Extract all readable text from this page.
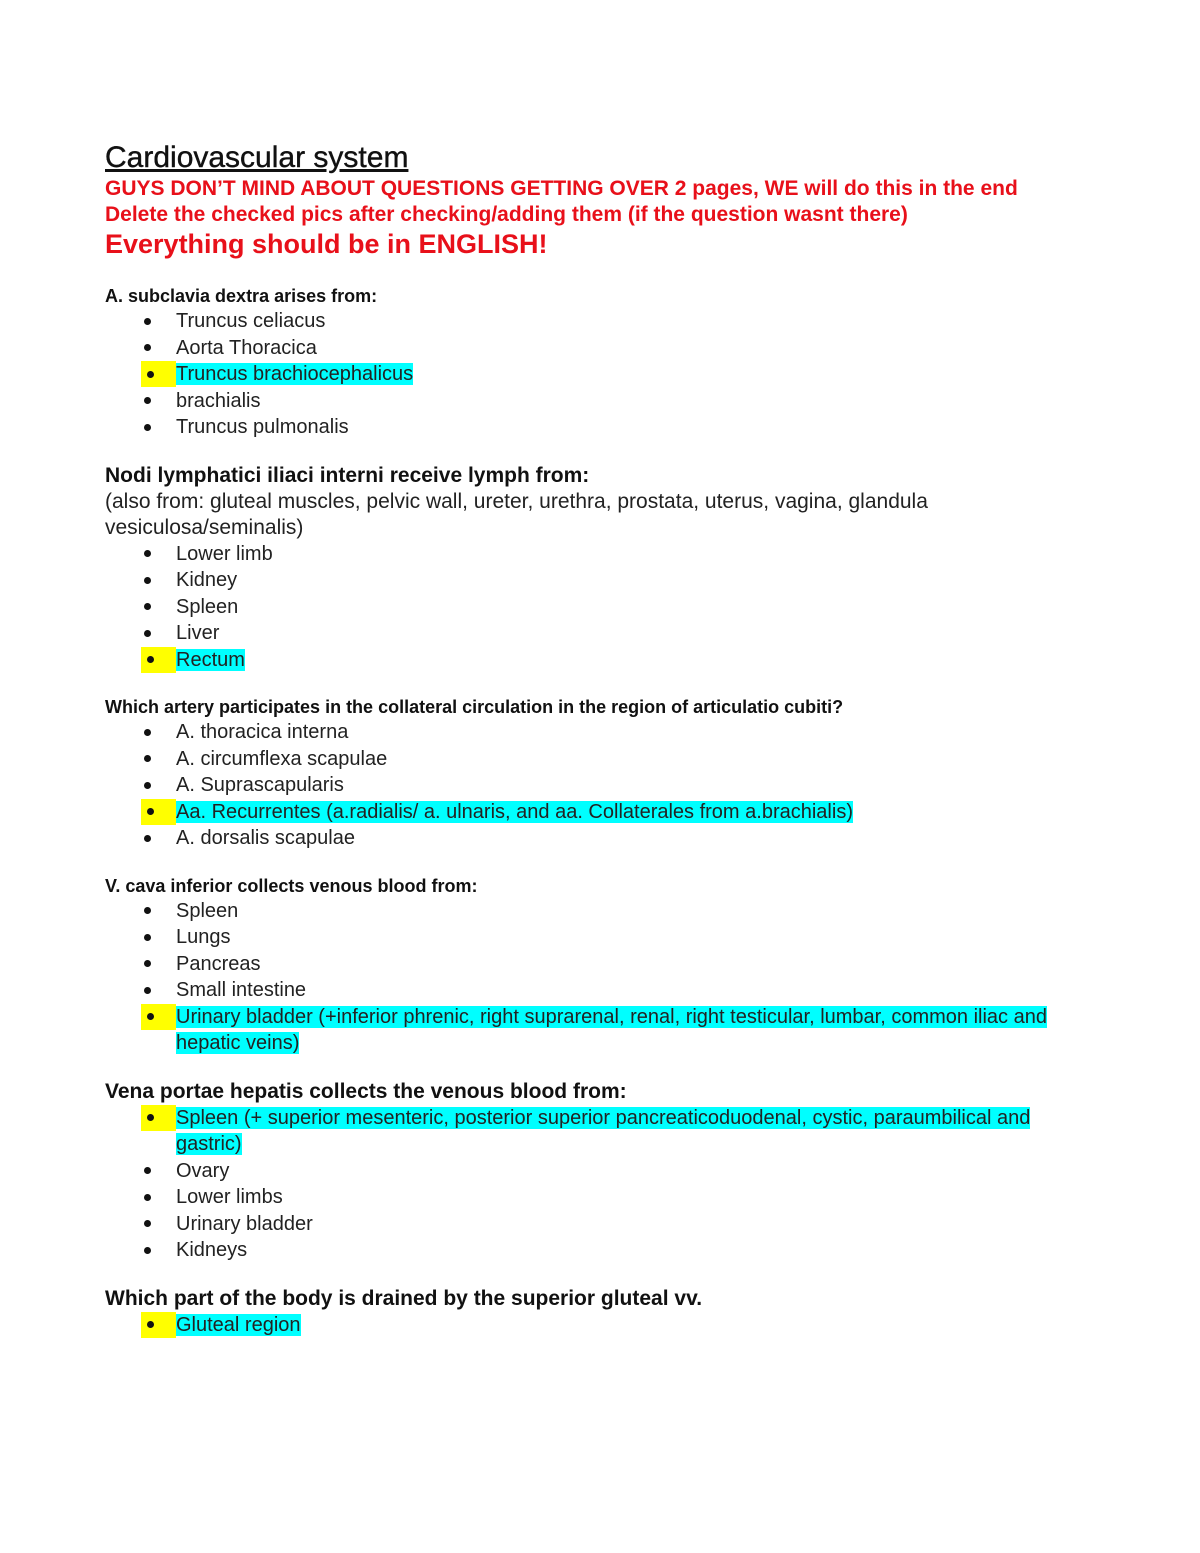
Cardiovascular system

GUYS DON’T MIND ABOUT QUESTIONS GETTING OVER 2 pages, WE will do this in the end

Delete the checked pics after checking/adding them (if the question wasnt there)

Everything should be in ENGLISH!

A. subclavia dextra arises from:

Truncus celiacus
Aorta Thoracica
Truncus brachiocephalicus
brachialis
Truncus pulmonalis

Nodi lymphatici iliaci interni receive lymph from:

(also from: gluteal muscles, pelvic wall, ureter, urethra, prostata, uterus, vagina, glandula vesiculosa/seminalis)

Lower limb
Kidney
Spleen
Liver
Rectum

Which artery participates in the collateral circulation in the region of articulatio cubiti?

A. thoracica interna
A. circumflexa scapulae
A. Suprascapularis
Aa. Recurrentes (a.radialis/ a. ulnaris, and aa. Collaterales from a.brachialis)
A. dorsalis scapulae

V. cava inferior collects venous blood from:

Spleen
Lungs
Pancreas
Small intestine
Urinary bladder (+inferior phrenic, right suprarenal, renal, right testicular, lumbar, common iliac and hepatic veins)

Vena portae hepatis collects the venous blood from:

Spleen (+ superior mesenteric, posterior superior pancreaticoduodenal, cystic, paraumbilical and gastric)
Ovary
Lower limbs
Urinary bladder
Kidneys

Which part of the body is drained by the superior gluteal vv.

Gluteal region
